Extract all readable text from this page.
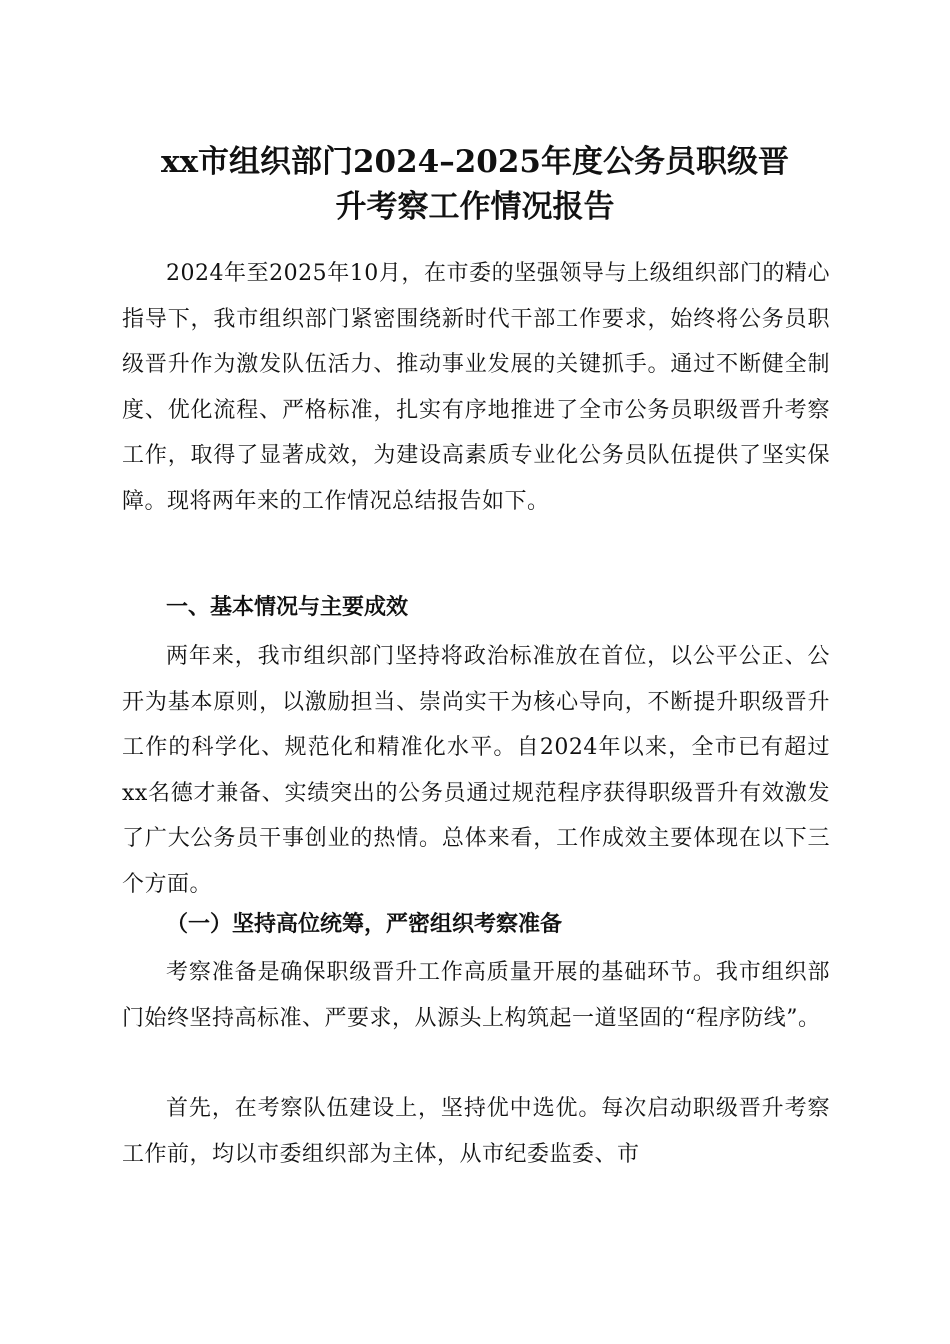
xx市组织部门2024–2025年度公务员职级晋
升考察工作情况报告

2024年至2025年10月，在市委的坚强领导与上级组织部门的精心指导下，我市组织部门紧密围绕新时代干部工作要求，始终将公务员职级晋升作为激发队伍活力、推动事业发展的关键抓手。通过不断健全制度、优化流程、严格标准，扎实有序地推进了全市公务员职级晋升考察工作，取得了显著成效，为建设高素质专业化公务员队伍提供了坚实保障。现将两年来的工作情况总结报告如下。

一、基本情况与主要成效

两年来，我市组织部门坚持将政治标准放在首位，以公平公正、公开为基本原则，以激励担当、崇尚实干为核心导向，不断提升职级晋升工作的科学化、规范化和精准化水平。自2024年以来，全市已有超过xx名德才兼备、实绩突出的公务员通过规范程序获得职级晋升有效激发了广大公务员干事创业的热情。总体来看，工作成效主要体现在以下三个方面。

（一）坚持高位统筹，严密组织考察准备

考察准备是确保职级晋升工作高质量开展的基础环节。我市组织部门始终坚持高标准、严要求，从源头上构筑起一道坚固的“程序防线”。

首先，在考察队伍建设上，坚持优中选优。每次启动职级晋升考察工作前，均以市委组织部为主体，从市纪委监委、市
